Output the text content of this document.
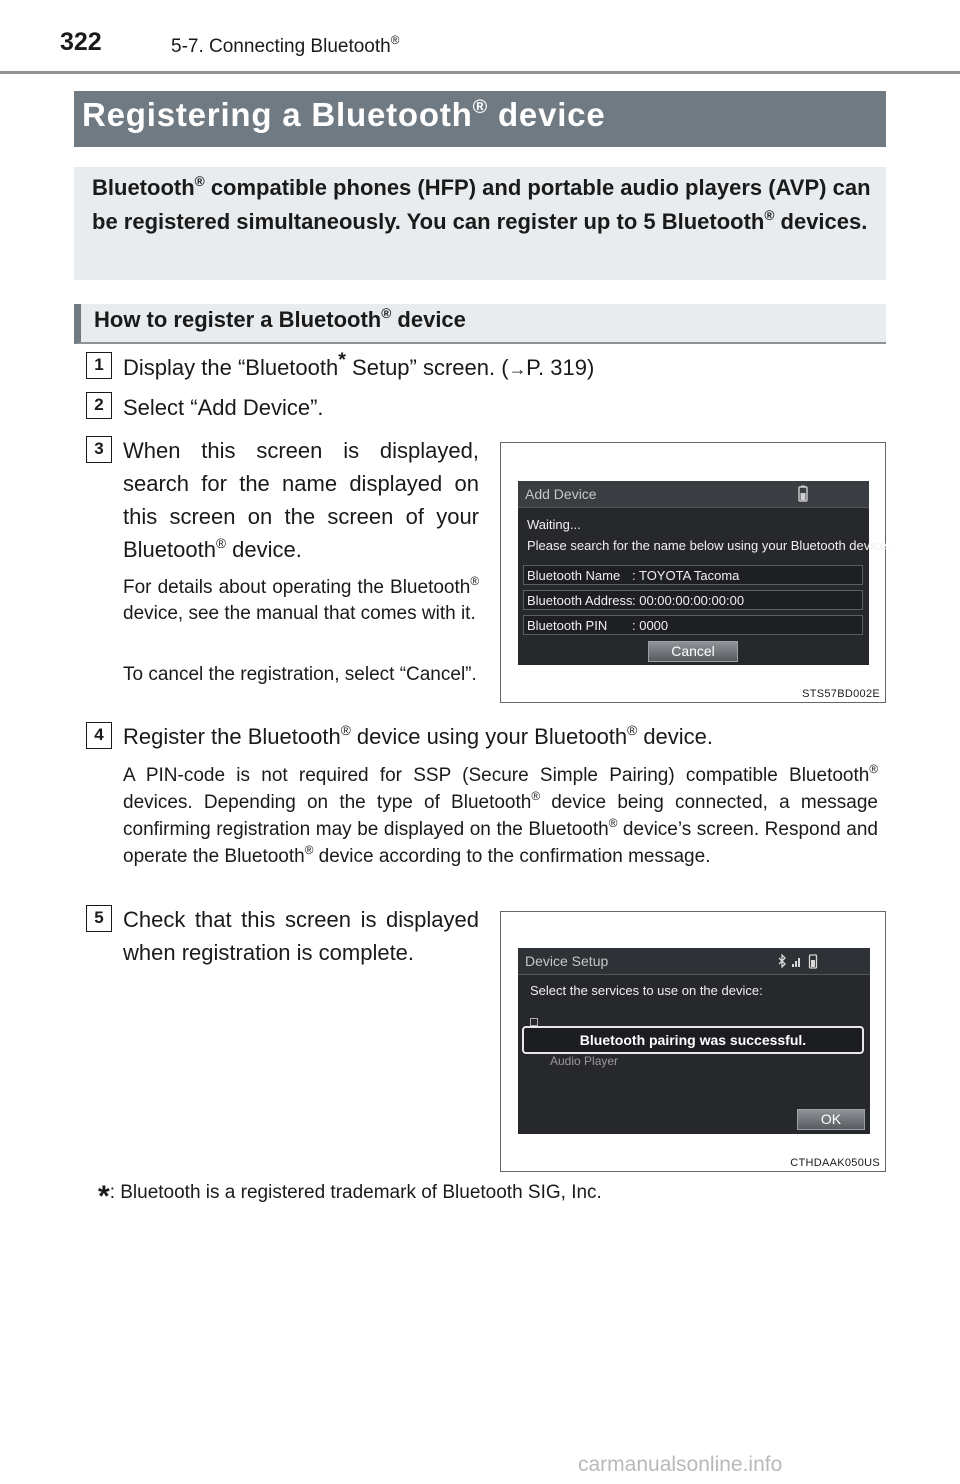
322	5-7. Connecting Bluetooth®
Registering a Bluetooth® device
Bluetooth® compatible phones (HFP) and portable audio players (AVP) can be registered simultaneously. You can register up to 5 Bluetooth® devices.
How to register a Bluetooth® device
1 Display the “Bluetooth* Setup” screen. (→P. 319)
2 Select “Add Device”.
3 When this screen is displayed, search for the name displayed on this screen on the screen of your Bluetooth® device.
For details about operating the Bluetooth® device, see the manual that comes with it.
To cancel the registration, select “Cancel”.
Add Device
Waiting...
Please search for the name below using your Bluetooth device.
Bluetooth Name : TOYOTA Tacoma
Bluetooth Address : 00:00:00:00:00:00
Bluetooth PIN : 0000
Cancel
STS57BD002E
4 Register the Bluetooth® device using your Bluetooth® device.
A PIN-code is not required for SSP (Secure Simple Pairing) compatible Bluetooth® devices. Depending on the type of Bluetooth® device being connected, a message confirming registration may be displayed on the Bluetooth® device’s screen. Respond and operate the Bluetooth® device according to the confirmation message.
5 Check that this screen is displayed when registration is complete.	Device Setup
Select the services to use on the device:
Audio Player
Bluetooth pairing was successful.
OK
CTHDAAK050US
*: Bluetooth is a registered trademark of Bluetooth SIG, Inc.
carmanualsonline.info
